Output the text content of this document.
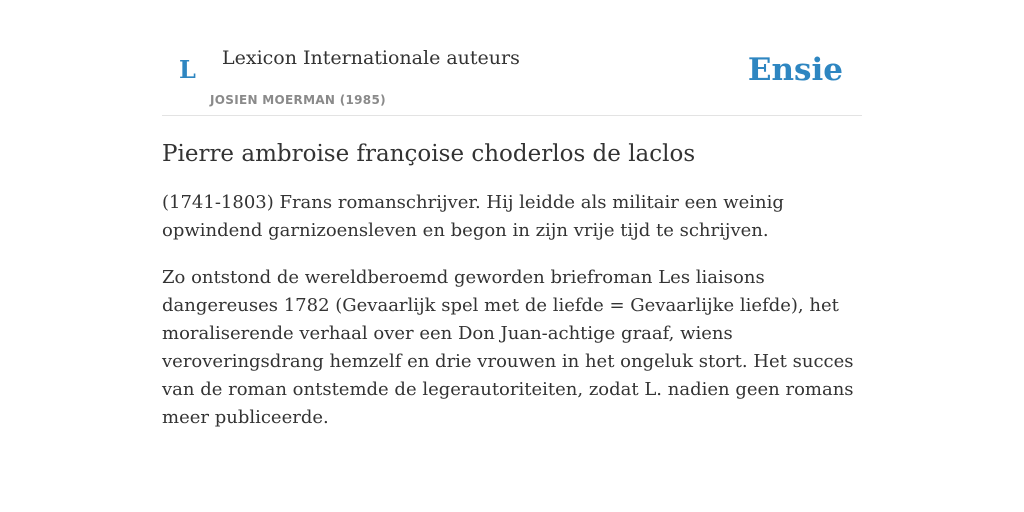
L Lexicon Internationale auteurs
JOSIEN MOERMAN (1985)
Ensie
Pierre ambroise françoise choderlos de laclos

(1741-1803) Frans romanschrijver. Hij leidde als militair een weinig opwindend garnizoensleven en begon in zijn vrije tijd te schrijven.

Zo ontstond de wereldberoemd geworden briefroman Les liaisons dangereuses 1782 (Gevaarlijk spel met de liefde = Gevaarlijke liefde), het moraliserende verhaal over een Don Juan-achtige graaf, wiens veroveringsdrang hemzelf en drie vrouwen in het ongeluk stort. Het succes van de roman ontstemde de legerautoriteiten, zodat L. nadien geen romans meer publiceerde.
